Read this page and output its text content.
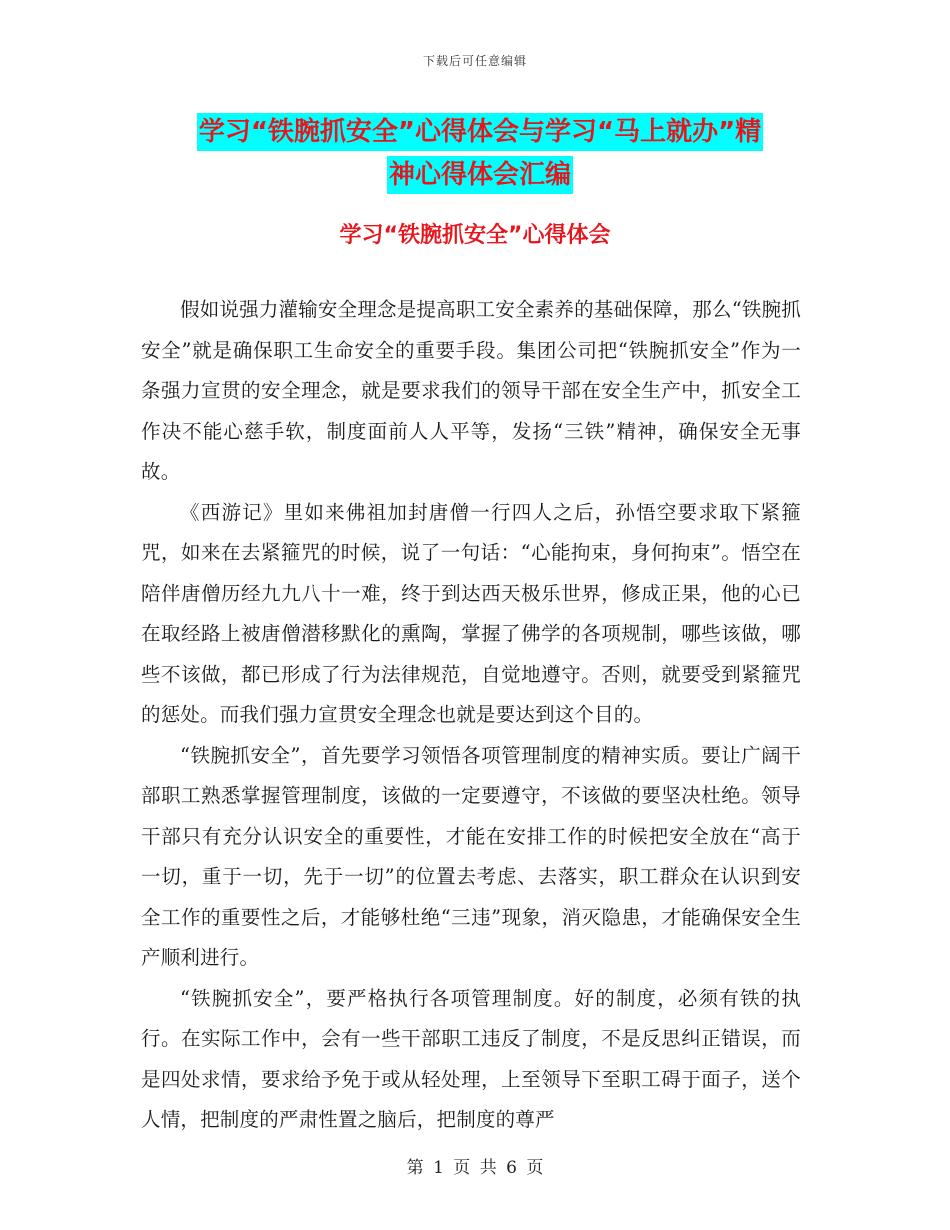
下载后可任意编辑
学习“铁腕抓安全”心得体会与学习“马上就办”精
神心得体会汇编
学习“铁腕抓安全”心得体会

假如说强力灌输安全理念是提高职工安全素养的基础保障，那么“铁腕抓安全”就是确保职工生命安全的重要手段。集团公司把“铁腕抓安全”作为一条强力宣贯的安全理念，就是要求我们的领导干部在安全生产中，抓安全工作决不能心慈手软，制度面前人人平等，发扬“三铁”精神，确保安全无事故。

《西游记》里如来佛祖加封唐僧一行四人之后，孙悟空要求取下紧箍咒，如来在去紧箍咒的时候，说了一句话：“心能拘束，身何拘束”。悟空在陪伴唐僧历经九九八十一难，终于到达西天极乐世界，修成正果，他的心已在取经路上被唐僧潜移默化的熏陶，掌握了佛学的各项规制，哪些该做，哪些不该做，都已形成了行为法律规范，自觉地遵守。否则，就要受到紧箍咒的惩处。而我们强力宣贯安全理念也就是要达到这个目的。

“铁腕抓安全”，首先要学习领悟各项管理制度的精神实质。要让广阔干部职工熟悉掌握管理制度，该做的一定要遵守，不该做的要坚决杜绝。领导干部只有充分认识安全的重要性，才能在安排工作的时候把安全放在“高于一切，重于一切，先于一切”的位置去考虑、去落实，职工群众在认识到安全工作的重要性之后，才能够杜绝“三违”现象，消灭隐患，才能确保安全生产顺利进行。

“铁腕抓安全”，要严格执行各项管理制度。好的制度，必须有铁的执行。在实际工作中，会有一些干部职工违反了制度，不是反思纠正错误，而是四处求情，要求给予免于或从轻处理，上至领导下至职工碍于面子，送个人情，把制度的严肃性置之脑后，把制度的尊严

第 1 页 共 6 页
